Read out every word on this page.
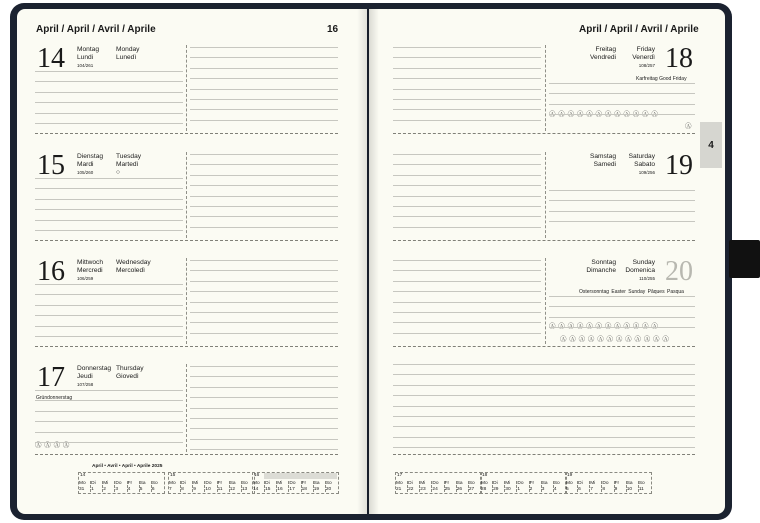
4
April / April / Avril / Aprile	16	April / April / Avril / Aprile
14 Montag
Lundi
104/261
Monday
Lunedì
15 Dienstag
Mardi
105/260
Tuesday
Martedì
○
16 Mittwoch
Mercredi
106/259
Wednesday
Mercoledì
17 Donnerstag
Jeudi
107/258
Thursday
Giovedì
Gründonnerstag
Ⓐ Ⓐ Ⓐ Ⓐ
Freitag
Vendredi
Friday
Venerdì
108/257 18
Karfreitag Good Friday
Ⓐ Ⓐ Ⓐ Ⓐ Ⓐ Ⓐ Ⓐ Ⓐ Ⓐ Ⓐ Ⓐ Ⓐ
Ⓐ
Samstag
Samedi
Saturday
Sabato
109/256 19
Sonntag
Dimanche
Sunday
Domenica
110/255 20
Ostersonntag Easter Sunday Pâques Pasqua
Ⓐ Ⓐ Ⓐ Ⓐ Ⓐ Ⓐ Ⓐ Ⓐ Ⓐ Ⓐ Ⓐ Ⓐ
Ⓐ Ⓐ Ⓐ Ⓐ Ⓐ Ⓐ Ⓐ Ⓐ Ⓐ Ⓐ Ⓐ Ⓐ
April • Avril • April • Aprile 2025
14
Mo
31
Di
1
Mi
2
Do
3
Fr
4
Sa
5
So
6
15
Mo
7
Di
8
Mi
9
Do
10
Fr
11
Sa
12
So
13
16
Mo
14
Di
15
Mi
16
Do
17
Fr
18
Sa
19
So
20
17
Mo
21
Di
22
Mi
23
Do
24
Fr
25
Sa
26
So
27
18
Mo
28
Di
29
Mi
30
Do
1
Fr
2
Sa
3
So
4
19
Mo
5
Di
6
Mi
7
Do
8
Fr
9
Sa
10
So
11
